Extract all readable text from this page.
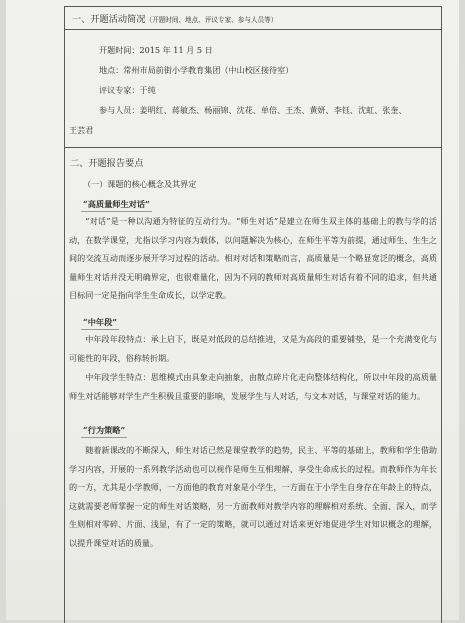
一、开题活动简况（开题时间、地点、评议专家、参与人员等）
开题时间：2015 年 11 月 5 日
地点：常州市局前街小学教育集团（中山校区接待室）
评议专家：于纯
参与人员：姜明红、蒋敏杰、杨丽锦、沈花、单倍、王杰、黄妍、李钰、沈虹、张奎、
王芸君
二、开题报告要点
（一）课题的核心概念及其界定
“高质量师生对话”
“对话”是一种以沟通为特征的互动行为。“师生对话”是建立在师生双主体的基础上的教与学的活动，在数学课堂，尤指以学习内容为载体，以问题解决为核心，在师生平等为前提，通过师生、生生之间的交流互动而逐步展开学习过程的活动。相对对话和策略而言，高质量是一个略显宽泛的概念，高质量师生对话并没无明确界定，也很难量化，因为不同的教师对高质量师生对话有着不同的追求，但共通目标同一定是指向学生生命成长，以学定教。
“中年段”
中年段年段特点：承上启下，既是对低段的总结推进，又是为高段的重要铺垫，是一个充满变化与可能性的年段，俗称转折期。
中年段学生特点：思维模式由具象走向抽象，由散点碎片化走向整体结构化，所以中年段的高质量师生对话能够对学生产生积极且重要的影响，发展学生与人对话，与文本对话，与课堂对话的能力。
“行为策略”
随着新课改的不断深入，师生对话已然是课堂教学的趋势，民主、平等的基础上，教师和学生借助学习内容，开展的一系列教学活动也可以视作是师生互相理解、享受生命成长的过程。而教师作为年长的一方，尤其是小学教师，一方面他的教育对象是小学生，一方面在于小学生自身存在年龄上的特点，这就需要老师掌握一定的师生对话策略，另一方面教师对教学内容的理解相对系统、全面、深入，而学生则相对零碎、片面、浅显，有了一定的策略，就可以通过对话来更好地促进学生对知识概念的理解，以提升课堂对话的质量。
